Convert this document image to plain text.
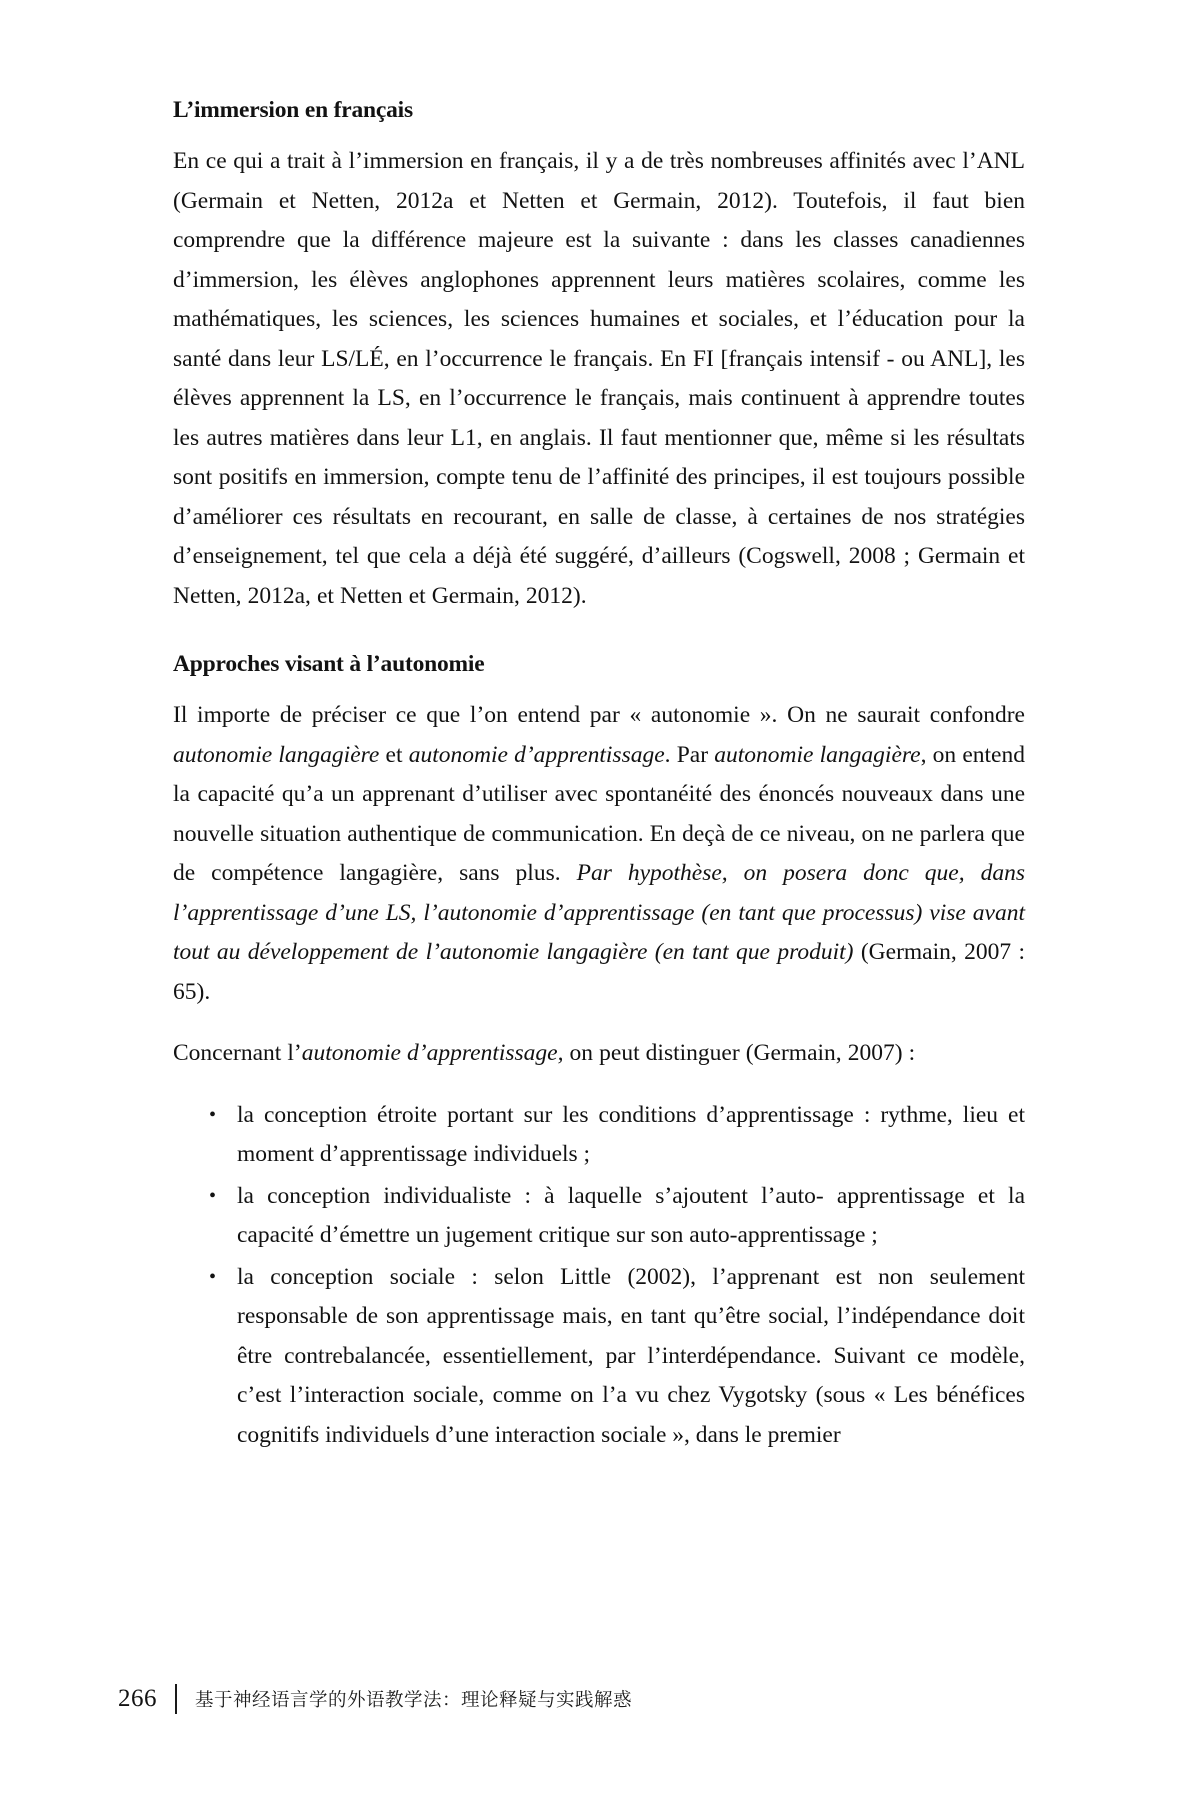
L’immersion en français

En ce qui a trait à l’immersion en français, il y a de très nombreuses affinités avec l’ANL (Germain et Netten, 2012a et Netten et Germain, 2012). Toutefois, il faut bien comprendre que la différence majeure est la suivante : dans les classes canadiennes d’immersion, les élèves anglophones apprennent leurs matières scolaires, comme les mathématiques, les sciences, les sciences humaines et sociales, et l’éducation pour la santé dans leur LS/LÉ, en l’occurrence le français. En FI [français intensif - ou ANL], les élèves apprennent la LS, en l’occurrence le français, mais continuent à apprendre toutes les autres matières dans leur L1, en anglais. Il faut mentionner que, même si les résultats sont positifs en immersion, compte tenu de l’affinité des principes, il est toujours possible d’améliorer ces résultats en recourant, en salle de classe, à certaines de nos stratégies d’enseignement, tel que cela a déjà été suggéré, d’ailleurs (Cogswell, 2008 ; Germain et Netten, 2012a, et Netten et Germain, 2012).

Approches visant à l’autonomie

Il importe de préciser ce que l’on entend par « autonomie ». On ne saurait confondre autonomie langagière et autonomie d’apprentissage. Par autonomie langagière, on entend la capacité qu’a un apprenant d’utiliser avec spontanéité des énoncés nouveaux dans une nouvelle situation authentique de communication. En deçà de ce niveau, on ne parlera que de compétence langagière, sans plus. Par hypothèse, on posera donc que, dans l’apprentissage d’une LS, l’autonomie d’apprentissage (en tant que processus) vise avant tout au développement de l’autonomie langagière (en tant que produit) (Germain, 2007 : 65).

Concernant l’autonomie d’apprentissage, on peut distinguer (Germain, 2007) :

• la conception étroite portant sur les conditions d’apprentissage : rythme, lieu et moment d’apprentissage individuels ;
• la conception individualiste : à laquelle s’ajoutent l’auto- apprentissage et la capacité d’émettre un jugement critique sur son auto-apprentissage ;
• la conception sociale : selon Little (2002), l’apprenant est non seulement responsable de son apprentissage mais, en tant qu’être social, l’indépendance doit être contrebalancée, essentiellement, par l’interdépendance. Suivant ce modèle, c’est l’interaction sociale, comme on l’a vu chez Vygotsky (sous « Les bénéfices cognitifs individuels d’une interaction sociale », dans le premier
266 基于神经语言学的外语教学法：理论释疑与实践解惑
